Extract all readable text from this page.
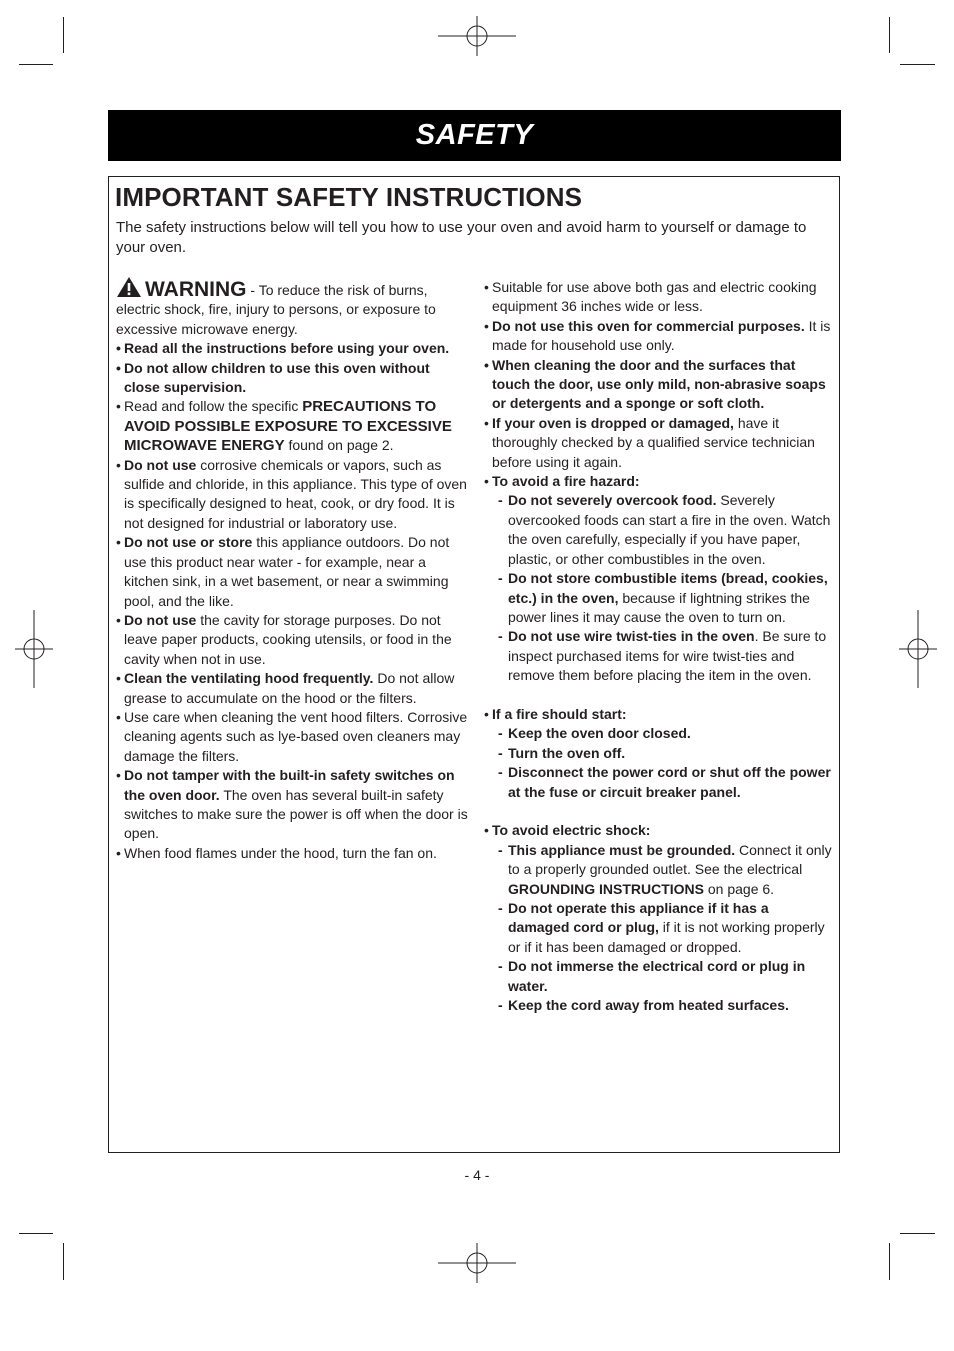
SAFETY
IMPORTANT SAFETY INSTRUCTIONS

The safety instructions below will tell you how to use your oven and avoid harm to yourself or damage to your oven.

WARNING - To reduce the risk of burns, electric shock, fire, injury to persons, or exposure to excessive microwave energy.

• Read all the instructions before using your oven.

• Do not allow children to use this oven without close supervision.

• Read and follow the specific PRECAUTIONS TO AVOID POSSIBLE EXPOSURE TO EXCESSIVE MICROWAVE ENERGY found on page 2.

• Do not use corrosive chemicals or vapors, such as sulfide and chloride, in this appliance. This type of oven is specifically designed to heat, cook, or dry food. It is not designed for industrial or laboratory use.

• Do not use or store this appliance outdoors. Do not use this product near water - for example, near a kitchen sink, in a wet basement, or near a swimming pool, and the like.

• Do not use the cavity for storage purposes. Do not leave paper products, cooking utensils, or food in the cavity when not in use.

• Clean the ventilating hood frequently. Do not allow grease to accumulate on the hood or the filters.

• Use care when cleaning the vent hood filters. Corrosive cleaning agents such as lye-based oven cleaners may damage the filters.

• Do not tamper with the built-in safety switches on the oven door. The oven has several built-in safety switches to make sure the power is off when the door is open.

• When food flames under the hood, turn the fan on.

• Suitable for use above both gas and electric cooking equipment 36 inches wide or less.

• Do not use this oven for commercial purposes. It is made for household use only.

• When cleaning the door and the surfaces that touch the door, use only mild, non-abrasive soaps or detergents and a sponge or soft cloth.

• If your oven is dropped or damaged, have it thoroughly checked by a qualified service technician before using it again.

• To avoid a fire hazard:

- Do not severely overcook food. Severely overcooked foods can start a fire in the oven. Watch the oven carefully, especially if you have paper, plastic, or other combustibles in the oven.

- Do not store combustible items (bread, cookies, etc.) in the oven, because if lightning strikes the power lines it may cause the oven to turn on.

- Do not use wire twist-ties in the oven. Be sure to inspect purchased items for wire twist-ties and remove them before placing the item in the oven.

• If a fire should start:

- Keep the oven door closed.

- Turn the oven off.

- Disconnect the power cord or shut off the power at the fuse or circuit breaker panel.

• To avoid electric shock:

- This appliance must be grounded. Connect it only to a properly grounded outlet. See the electrical GROUNDING INSTRUCTIONS on page 6.

- Do not operate this appliance if it has a damaged cord or plug, if it is not working properly or if it has been damaged or dropped.

- Do not immerse the electrical cord or plug in water.

- Keep the cord away from heated surfaces.

- 4 -
